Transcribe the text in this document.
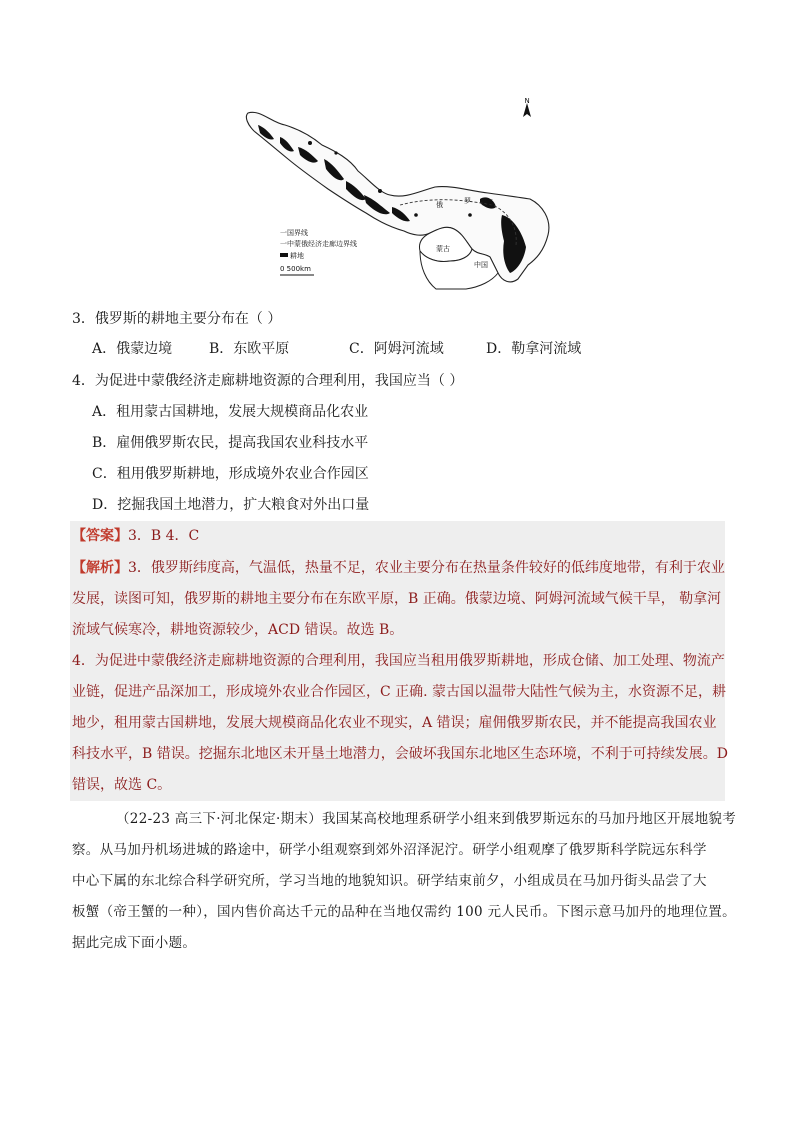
N
俄	罗 斯
蒙古
中国
一国界线
一中蒙俄经济走廊边界线
耕地
0 500km
3．俄罗斯的耕地主要分布在（ ）
A．俄蒙边境	B．东欧平原	C．阿姆河流域	D．勒拿河流域
4．为促进中蒙俄经济走廊耕地资源的合理利用，我国应当（ ）
A．租用蒙古国耕地，发展大规模商品化农业
B．雇佣俄罗斯农民，提高我国农业科技水平
C．租用俄罗斯耕地，形成境外农业合作园区
D．挖掘我国土地潜力，扩大粮食对外出口量
【答案】3．B 4．C
【解析】3．俄罗斯纬度高，气温低，热量不足，农业主要分布在热量条件较好的低纬度地带，有利于农业
发展，读图可知，俄罗斯的耕地主要分布在东欧平原，B 正确。俄蒙边境、阿姆河流域气候干旱， 勒拿河
流域气候寒冷，耕地资源较少，ACD 错误。故选 B。
4．为促进中蒙俄经济走廊耕地资源的合理利用，我国应当租用俄罗斯耕地，形成仓储、加工处理、物流产
业链，促进产品深加工，形成境外农业合作园区，C 正确. 蒙古国以温带大陆性气候为主，水资源不足，耕
地少，租用蒙古国耕地，发展大规模商品化农业不现实，A 错误；雇佣俄罗斯农民，并不能提高我国农业
科技水平，B 错误。挖掘东北地区未开垦土地潜力，会破坏我国东北地区生态环境，不利于可持续发展。D
错误，故选 C。
（22-23 高三下·河北保定·期末）我国某高校地理系研学小组来到俄罗斯远东的马加丹地区开展地貌考
察。从马加丹机场进城的路途中，研学小组观察到郊外沼泽泥泞。研学小组观摩了俄罗斯科学院远东科学
中心下属的东北综合科学研究所，学习当地的地貌知识。研学结束前夕，小组成员在马加丹街头品尝了大
板蟹（帝王蟹的一种），国内售价高达千元的品种在当地仅需约 100 元人民币。下图示意马加丹的地理位置。
据此完成下面小题。
